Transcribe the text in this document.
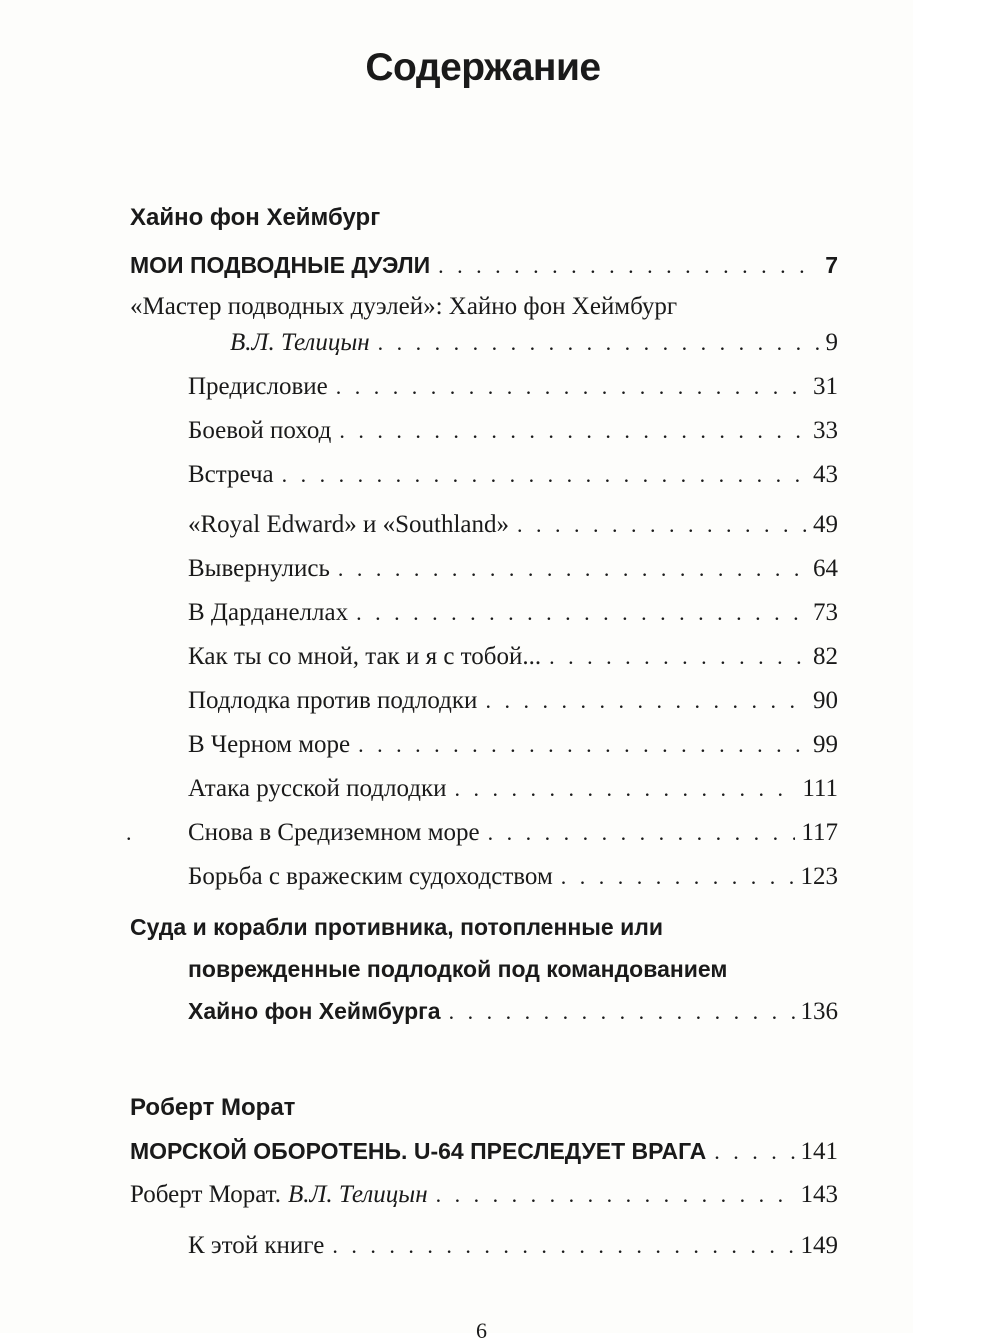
Содержание
Хайно фон Хеймбург
МОИ ПОДВОДНЫЕ ДУЭЛИ . . .	7
«Мастер подводных дуэлей»: Хайно фон Хеймбург
В.Л. Телицын . . .	9
Предисловие . . .	31
Боевой поход . . .	33
Встреча . . .	43
«Royal Edward» и «Southland» . . .	49
Вывернулись . . .	64
В Дарданеллах . . .	73
Как ты со мной, так и я с тобой... . . .	82
Подлодка против подлодки . . .	90
В Черном море . . .	99
Атака русской подлодки . . .	111
Снова в Средиземном море . . .	117
Борьба с вражеским судоходством . . .	123
.
Суда и корабли противника, потопленные или
поврежденные подлодкой под командованием
Хайно фон Хеймбурга . . .	136
Роберт Морат
МОРСКОЙ ОБОРОТЕНЬ. U-64 ПРЕСЛЕДУЕТ ВРАГА . . .	141
Роберт Морат. В.Л. Телицын . . .	143
К этой книге . . .	149
6
